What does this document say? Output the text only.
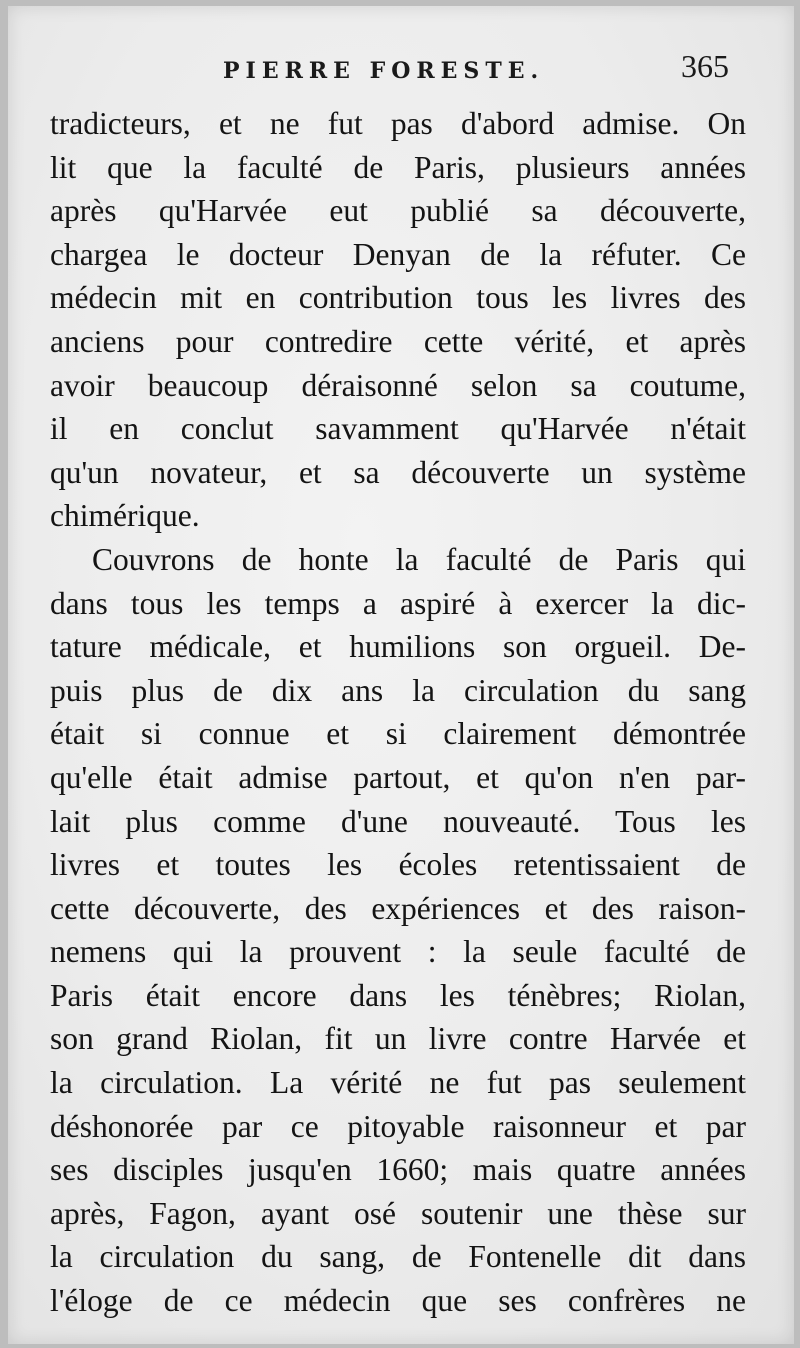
PIERRE FORESTE.	365
tradicteurs, et ne fut pas d'abord admise. On
lit que la faculté de Paris, plusieurs années
après qu'Harvée eut publié sa découverte,
chargea le docteur Denyan de la réfuter. Ce
médecin mit en contribution tous les livres des
anciens pour contredire cette vérité, et après
avoir beaucoup déraisonné selon sa coutume,
il en conclut savamment qu'Harvée n'était
qu'un novateur, et sa découverte un système
chimérique.
Couvrons de honte la faculté de Paris qui
dans tous les temps a aspiré à exercer la dic-
tature médicale, et humilions son orgueil. De-
puis plus de dix ans la circulation du sang
était si connue et si clairement démontrée
qu'elle était admise partout, et qu'on n'en par-
lait plus comme d'une nouveauté. Tous les
livres et toutes les écoles retentissaient de
cette découverte, des expériences et des raison-
nemens qui la prouvent : la seule faculté de
Paris était encore dans les ténèbres; Riolan,
son grand Riolan, fit un livre contre Harvée et
la circulation. La vérité ne fut pas seulement
déshonorée par ce pitoyable raisonneur et par
ses disciples jusqu'en 1660; mais quatre années
après, Fagon, ayant osé soutenir une thèse sur
la circulation du sang, de Fontenelle dit dans
l'éloge de ce médecin que ses confrères ne
